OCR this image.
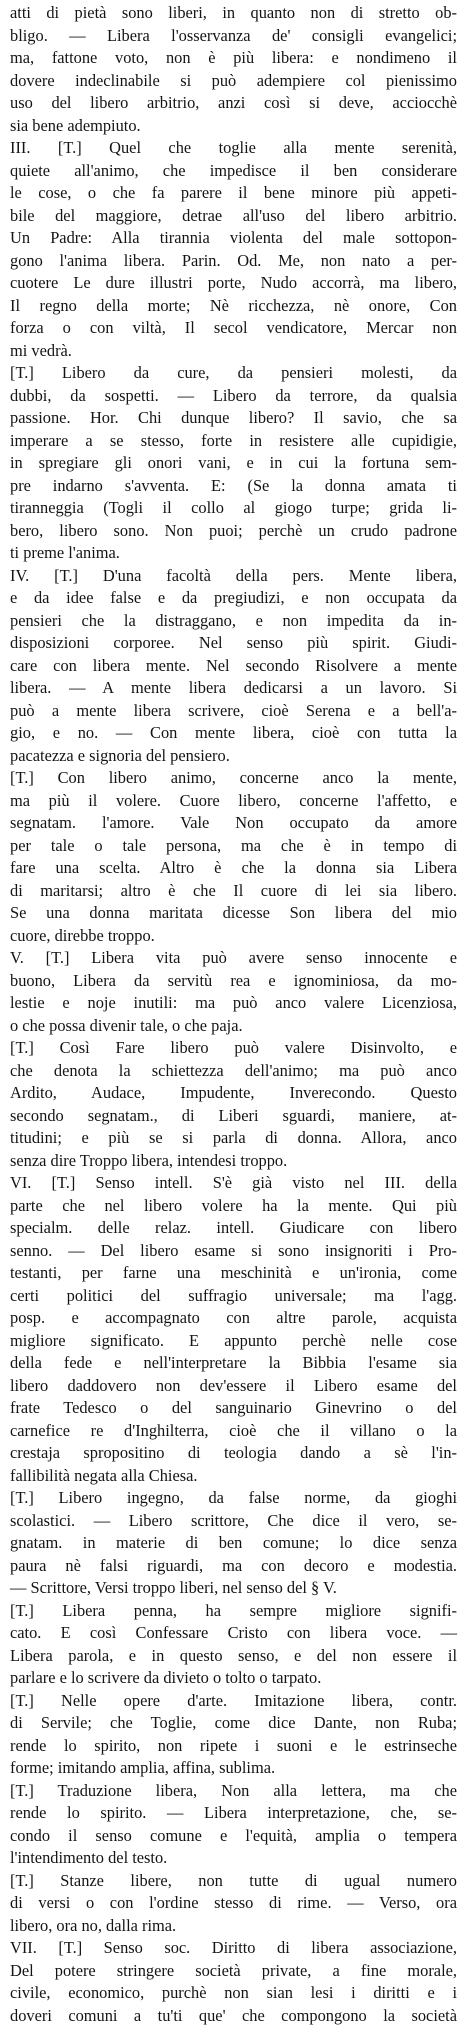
atti di pietà sono liberi, in quanto non di stretto ob-
bligo. — Libera l'osservanza de' consigli evangelici;
ma, fattone voto, non è più libera: e nondimeno il
dovere indeclinabile si può adempiere col pienissimo
uso del libero arbitrio, anzi così si deve, acciocchè
sia bene adempiuto.
III. [T.] Quel che toglie alla mente serenità,
quiete all'animo, che impedisce il ben considerare
le cose, o che fa parere il bene minore più appeti-
bile del maggiore, detrae all'uso del libero arbitrio.
Un Padre: Alla tirannia violenta del male sottopon-
gono l'anima libera. Parin. Od. Me, non nato a per-
cuotere Le dure illustri porte, Nudo accorrà, ma libero,
Il regno della morte; Nè ricchezza, nè onore, Con
forza o con viltà, Il secol vendicatore, Mercar non
mi vedrà.
[T.] Libero da cure, da pensieri molesti, da
dubbi, da sospetti. — Libero da terrore, da qualsia
passione. Hor. Chi dunque libero? Il savio, che sa
imperare a se stesso, forte in resistere alle cupidigie,
in spregiare gli onori vani, e in cui la fortuna sem-
pre indarno s'avventa. E: (Se la donna amata ti
tiranneggia (Togli il collo al giogo turpe; grida li-
bero, libero sono. Non puoi; perchè un crudo padrone
ti preme l'anima.
IV. [T.] D'una facoltà della pers. Mente libera,
e da idee false e da pregiudizi, e non occupata da
pensieri che la distraggano, e non impedita da in-
disposizioni corporee. Nel senso più spirit. Giudi-
care con libera mente. Nel secondo Risolvere a mente
libera. — A mente libera dedicarsi a un lavoro. Si
può a mente libera scrivere, cioè Serena e a bell'a-
gio, e no. — Con mente libera, cioè con tutta la
pacatezza e signoria del pensiero.
[T.] Con libero animo, concerne anco la mente,
ma più il volere. Cuore libero, concerne l'affetto, e
segnatam. l'amore. Vale Non occupato da amore
per tale o tale persona, ma che è in tempo di
fare una scelta. Altro è che la donna sia Libera
di maritarsi; altro è che Il cuore di lei sia libero.
Se una donna maritata dicesse Son libera del mio
cuore, direbbe troppo.
V. [T.] Libera vita può avere senso innocente e
buono, Libera da servitù rea e ignominiosa, da mo-
lestie e noje inutili: ma può anco valere Licenziosa,
o che possa divenir tale, o che paja.
[T.] Così Fare libero può valere Disinvolto, e
che denota la schiettezza dell'animo; ma può anco
Ardito, Audace, Impudente, Inverecondo. Questo
secondo segnatam., di Liberi sguardi, maniere, at-
titudini; e più se si parla di donna. Allora, anco
senza dire Troppo libera, intendesi troppo.
VI. [T.] Senso intell. S'è già visto nel III. della
parte che nel libero volere ha la mente. Qui più
specialm. delle relaz. intell. Giudicare con libero
senno. — Del libero esame si sono insignoriti i Pro-
testanti, per farne una meschinità e un'ironia, come
certi politici del suffragio universale; ma l'agg.
posp. e accompagnato con altre parole, acquista
migliore significato. E appunto perchè nelle cose
della fede e nell'interpretare la Bibbia l'esame sia
libero daddovero non dev'essere il Libero esame del
frate Tedesco o del sanguinario Ginevrino o del
carnefice re d'Inghilterra, cioè che il villano o la
crestaja spropositino di teologia dando a sè l'in-
fallibilità negata alla Chiesa.
[T.] Libero ingegno, da false norme, da gioghi
scolastici. — Libero scrittore, Che dice il vero, se-
gnatam. in materie di ben comune; lo dice senza
paura nè falsi riguardi, ma con decoro e modestia.
— Scrittore, Versi troppo liberi, nel senso del § V.
[T.] Libera penna, ha sempre migliore signifi-
cato. E così Confessare Cristo con libera voce. —
Libera parola, e in questo senso, e del non essere il
parlare e lo scrivere da divieto o tolto o tarpato.
[T.] Nelle opere d'arte. Imitazione libera, contr.
di Servile; che Toglie, come dice Dante, non Ruba;
rende lo spirito, non ripete i suoni e le estrinseche
forme; imitando amplia, affina, sublima.
[T.] Traduzione libera, Non alla lettera, ma che
rende lo spirito. — Libera interpretazione, che, se-
condo il senso comune e l'equità, amplia o tempera
l'intendimento del testo.
[T.] Stanze libere, non tutte di ugual numero
di versi o con l'ordine stesso di rime. — Verso, ora
libero, ora no, dalla rima.
VII. [T.] Senso soc. Diritto di libera associazione,
Del potere stringere società private, a fine morale,
civile, economico, purchè non sian lesi i diritti e i
doveri comuni a tu'ti que' che compongono la società
